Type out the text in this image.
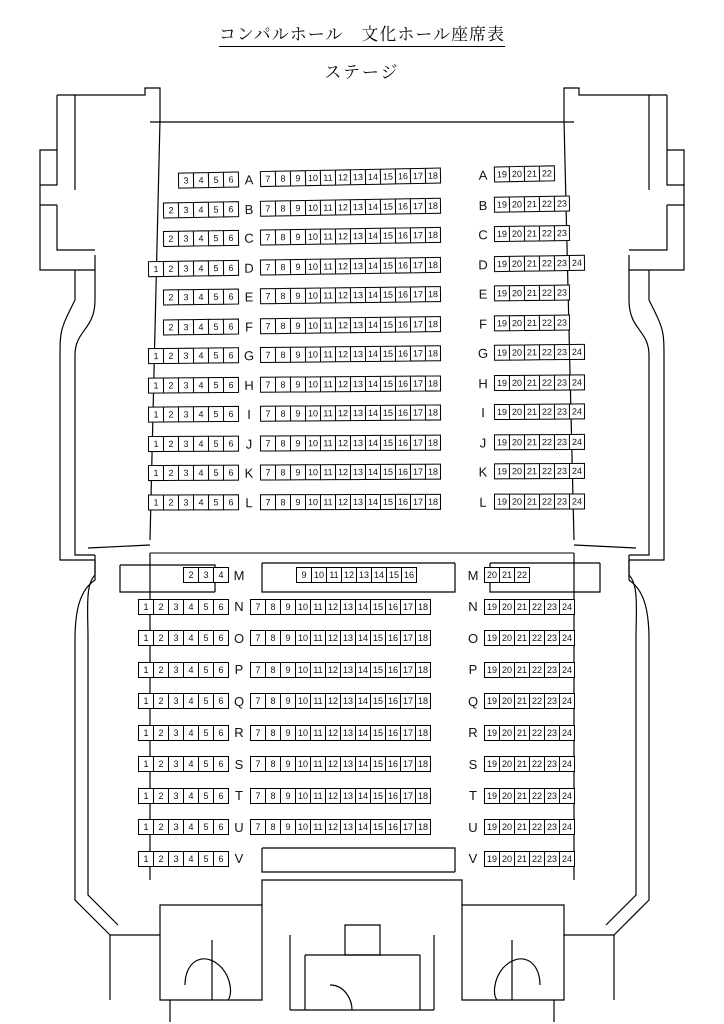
コンパルホール　文化ホール座席表
ステージ
3	4	5	6 A	7	8	9 10 11 12 13 14 15 16 17 18	A	19 20 21 22
2	3	4	5	6 B	7	8	9 10 11 12 13 14 15 16 17 18	B	19 20 21 22 23
2	3	4	5	6 C	7	8	9 10 11 12 13 14 15 16 17 18	C	19 20 21 22 23
1	2	3	4	5	6 D	7	8	9 10 11 12 13 14 15 16 17 18	D	19 20 21 22 23 24
2	3	4	5	6 E	7	8	9 10 11 12 13 14 15 16 17 18	E	19 20 21 22 23
2	3	4	5	6 F	7	8	9 10 11 12 13 14 15 16 17 18	F	19 20 21 22 23
1	2	3	4	5	6 G	7	8	9 10 11 12 13 14 15 16 17 18	G 19 20 21 22 23 24
1	2	3	4	5	6 H	7	8	9 10 11 12 13 14 15 16 17 18	H	19 20 21 22 23 24
1	2	3	4	5	6	I	7	8	9 10 11 12 13 14 15 16 17 18	I	19 20 21 22 23 24
1	2	3	4	5	6 J	7	8	9 10 11 12 13 14 15 16 17 18	J	19 20 21 22 23 24
1	2	3	4	5	6 K	7	8	9 10 11 12 13 14 15 16 17 18	K	19 20 21 22 23 24
1	2	3	4	5	6 L	7	8	9 10 11 12 13 14 15 16 17 18	L	19 20 21 22 23 24
2	3	4 M	9 10 11 12 13 14 15 16	M 20 21 22
1	2	3	4	5	6 N	7	8	9 10 11 12 13 14 15 16 17 18	N	19 20 21 22 23 24
1	2	3	4	5	6 O	7	8	9 10 11 12 13 14 15 16 17 18	O 19 20 21 22 23 24
1	2	3	4	5	6 P	7	8	9 10 11 12 13 14 15 16 17 18	P	19 20 21 22 23 24
1	2	3	4	5	6 Q	7	8	9 10 11 12 13 14 15 16 17 18	Q 19 20 21 22 23 24
1	2	3	4	5	6 R	7	8	9 10 11 12 13 14 15 16 17 18	R	19 20 21 22 23 24
1	2	3	4	5	6 S	7	8	9 10 11 12 13 14 15 16 17 18	S	19 20 21 22 23 24
1	2	3	4	5	6 T	7	8	9 10 11 12 13 14 15 16 17 18	T	19 20 21 22 23 24
1	2	3	4	5	6 U	7	8	9 10 11 12 13 14 15 16 17 18	U	19 20 21 22 23 24
1	2	3	4	5	6 V	V	19 20 21 22 23 24
